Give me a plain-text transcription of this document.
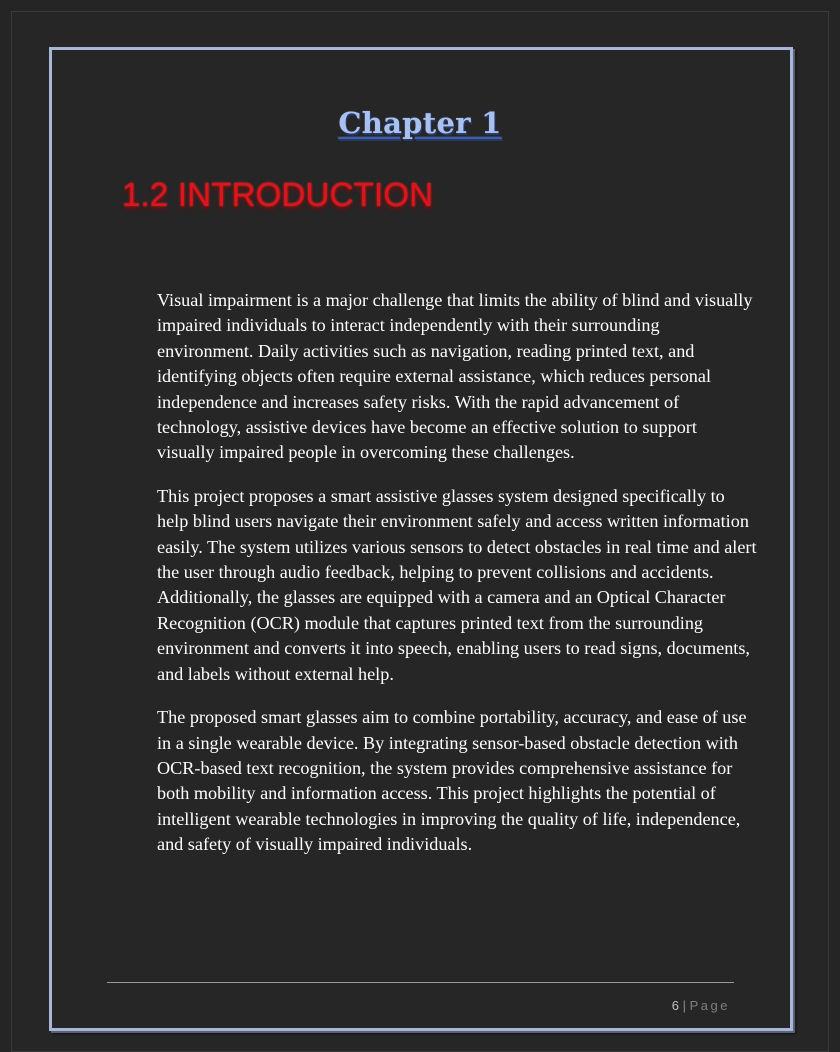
Chapter 1
1.2 INTRODUCTION

Visual impairment is a major challenge that limits the ability of blind and visually impaired individuals to interact independently with their surrounding environment. Daily activities such as navigation, reading printed text, and identifying objects often require external assistance, which reduces personal independence and increases safety risks. With the rapid advancement of technology, assistive devices have become an effective solution to support visually impaired people in overcoming these challenges.

This project proposes a smart assistive glasses system designed specifically to help blind users navigate their environment safely and access written information easily. The system utilizes various sensors to detect obstacles in real time and alert the user through audio feedback, helping to prevent collisions and accidents. Additionally, the glasses are equipped with a camera and an Optical Character Recognition (OCR) module that captures printed text from the surrounding environment and converts it into speech, enabling users to read signs, documents, and labels without external help.

The proposed smart glasses aim to combine portability, accuracy, and ease of use in a single wearable device. By integrating sensor-based obstacle detection with OCR-based text recognition, the system provides comprehensive assistance for both mobility and information access. This project highlights the potential of intelligent wearable technologies in improving the quality of life, independence, and safety of visually impaired individuals.

6 | Page
